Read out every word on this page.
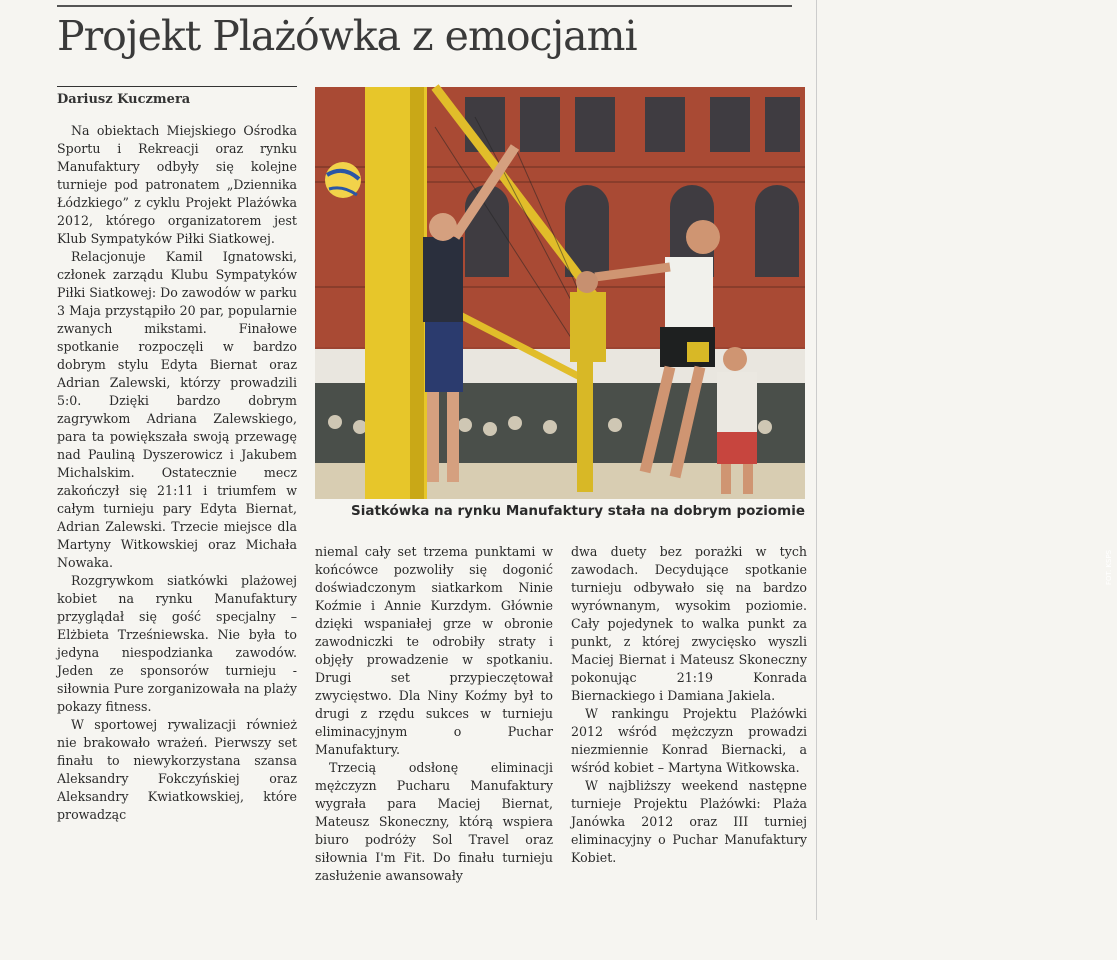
Projekt Plażówka z emocjami
Dariusz Kuczmera

Na obiektach Miejskiego Ośrodka Sportu i Rekreacji oraz rynku Manufaktury odbyły się kolejne turnieje pod patronatem „Dziennika Łódzkiego” z cyklu Projekt Plażówka 2012, którego organizatorem jest Klub Sympatyków Piłki Siatkowej.

Relacjonuje Kamil Ignatowski, członek zarządu Klubu Sympatyków Piłki Siatkowej: Do zawodów w parku 3 Maja przystąpiło 20 par, popularnie zwanych mikstami. Finałowe spotkanie rozpoczęli w bardzo dobrym stylu Edyta Biernat oraz Adrian Zalewski, którzy prowadzili 5:0. Dzięki bardzo dobrym zagrywkom Adriana Zalewskiego, para ta powiększała swoją przewagę nad Pauliną Dyszerowicz i Jakubem Michalskim. Ostatecznie mecz zakończył się 21:11 i triumfem w całym turnieju pary Edyta Biernat, Adrian Zalewski. Trzecie miejsce dla Martyny Witkowskiej oraz Michała Nowaka.

Rozgrywkom siatkówki plażowej kobiet na rynku Manufaktury przyglądał się gość specjalny – Elżbieta Trześniewska. Nie była to jedyna niespodzianka zawodów. Jeden ze sponsorów turnieju - siłownia Pure zorganizowała na plaży pokazy fitness.

W sportowej rywalizacji również nie brakowało wrażeń. Pierwszy set finału to niewykorzystana szansa Aleksandry Fokczyńskiej oraz Aleksandry Kwiatkowskiej, które prowadząc

FOT. KSPS
Siatkówka na rynku Manufaktury stała na dobrym poziomie

niemal cały set trzema punktami w końcówce pozwoliły się dogonić doświadczonym siatkarkom Ninie Koźmie i Annie Kurzdym. Głównie dzięki wspaniałej grze w obronie zawodniczki te odrobiły straty i objęły prowadzenie w spotkaniu. Drugi set przypieczętował zwycięstwo. Dla Niny Koźmy był to drugi z rzędu sukces w turnieju eliminacyjnym o Puchar Manufaktury.

Trzecią odsłonę eliminacji mężczyzn Pucharu Manufaktury wygrała para Maciej Biernat, Mateusz Skoneczny, którą wspiera biuro podróży Sol Travel oraz siłownia I'm Fit. Do finału turnieju zasłużenie awansowały

dwa duety bez porażki w tych zawodach. Decydujące spotkanie turnieju odbywało się na bardzo wyrównanym, wysokim poziomie. Cały pojedynek to walka punkt za punkt, z której zwycięsko wyszli Maciej Biernat i Mateusz Skoneczny pokonując 21:19 Konrada Biernackiego i Damiana Jakiela.

W rankingu Projektu Plażówki 2012 wśród mężczyzn prowadzi niezmiennie Konrad Biernacki, a wśród kobiet – Martyna Witkowska.

W najbliższy weekend następne turnieje Projektu Plażówki: Plaża Janówka 2012 oraz III turniej eliminacyjny o Puchar Manufaktury Kobiet.
